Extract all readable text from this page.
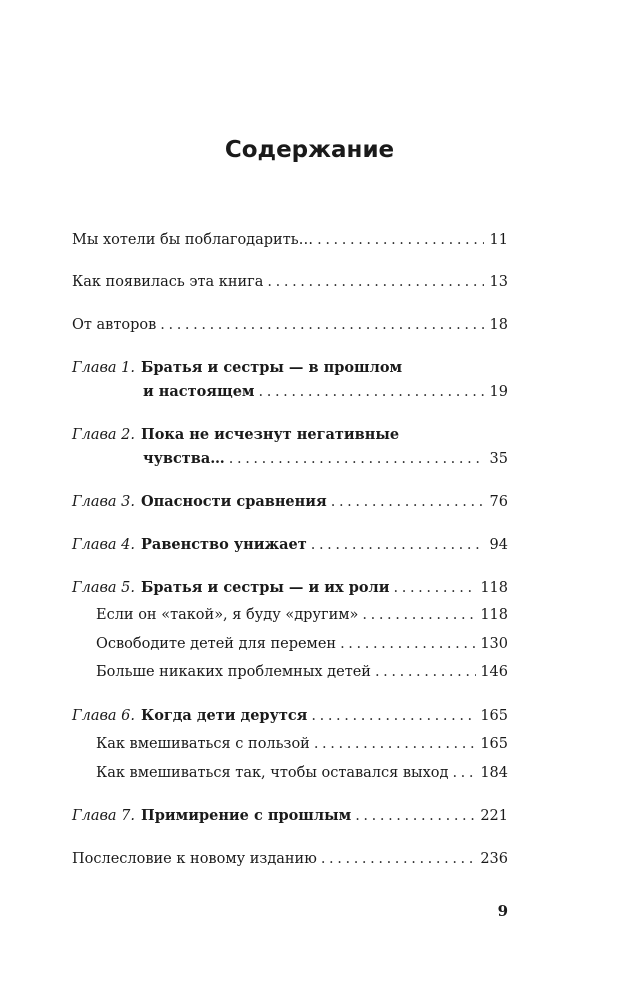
Содержание
Мы хотели бы поблагодарить… . . .	11
Как появилась эта книга . . .	13
От авторов . . .	18
Глава 1. Братья и сестры — в прошлом
и настоящем . . .	19
Глава 2. Пока не исчезнут негативные
чувства… . . .	35
Глава 3. Опасности сравнения . . .	76
Глава 4. Равенство унижает . . .	94
Глава 5. Братья и сестры — и их роли . . .	118
Если он «такой», я буду «другим» . . .	118
Освободите детей для перемен . . .	130
Больше никаких проблемных детей . . .	146
Глава 6. Когда дети дерутся . . .	165
Как вмешиваться с пользой . . .	165
Как вмешиваться так, чтобы оставался выход . . . 184
Глава 7. Примирение с прошлым . . .	221
Послесловие к новому изданию . . .	236
9
